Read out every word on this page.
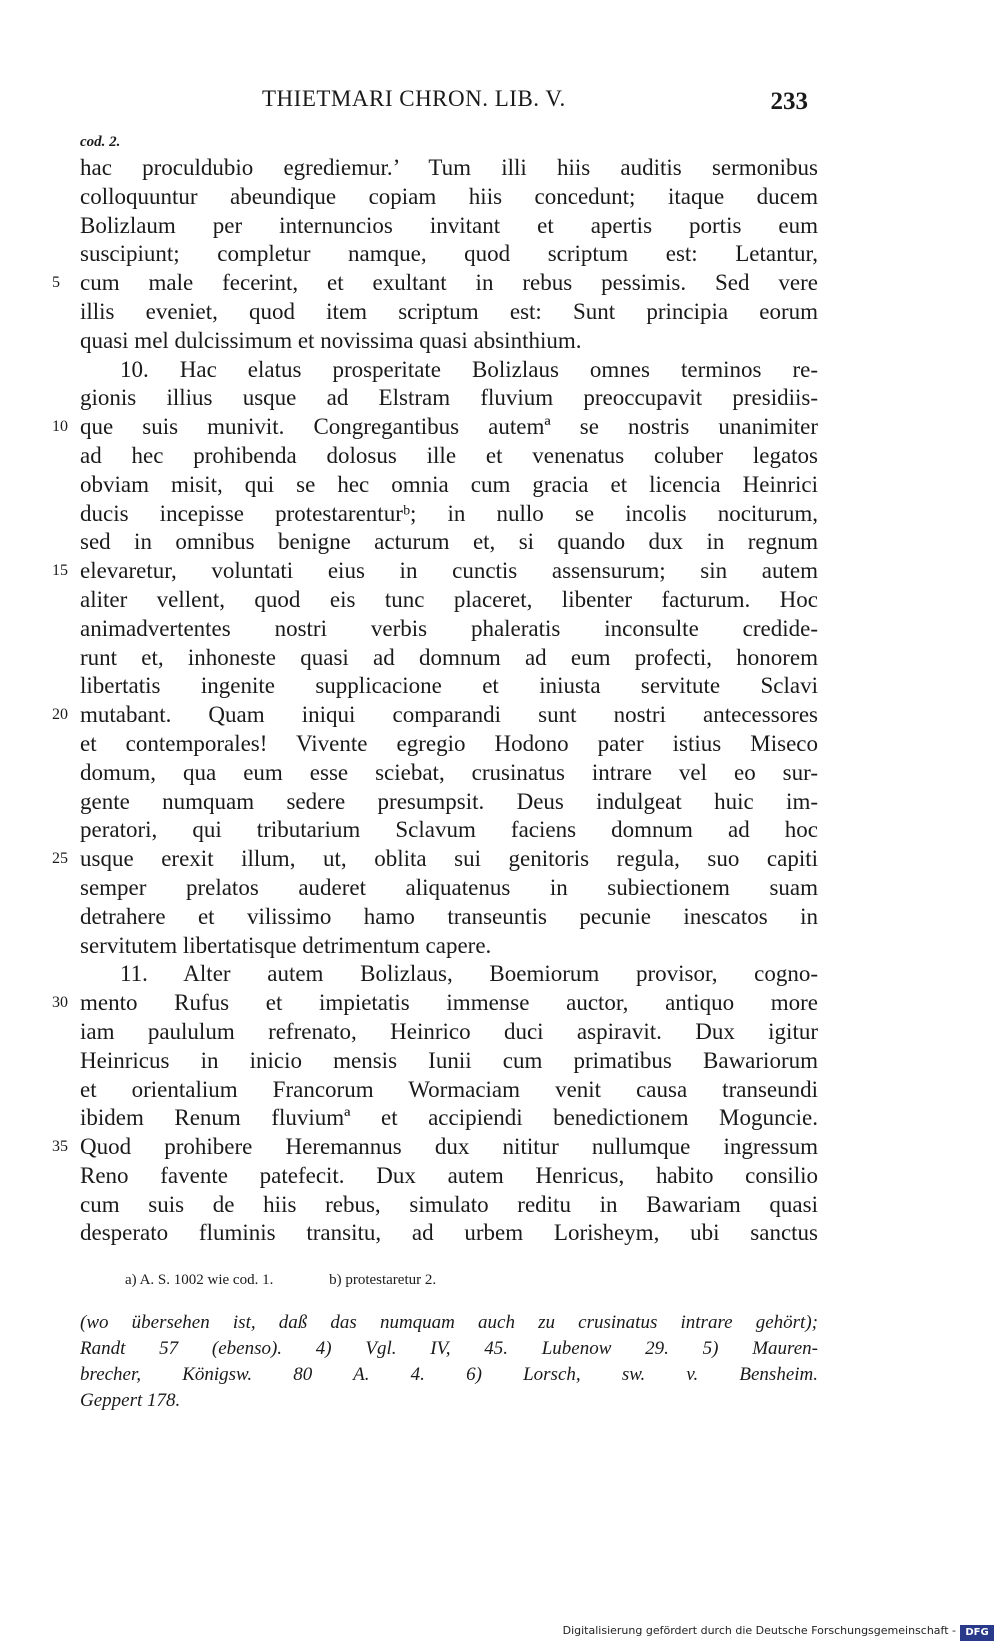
THIETMARI CHRON. LIB. V.	233
cod. 2.
hac proculdubio egrediemur.’ Tum illi hiis auditis sermonibus
colloquuntur abeundique copiam hiis concedunt; itaque ducem
Bolizlaum per internuncios invitant et apertis portis eum
suscipiunt; completur namque, quod scriptum est: Letantur,
5 cum male fecerint, et exultant in rebus pessimis. Sed vere
illis eveniet, quod item scriptum est: Sunt principia eorum
quasi mel dulcissimum et novissima quasi absinthium.
10. Hac elatus prosperitate Bolizlaus omnes terminos re-
gionis illius usque ad Elstram fluvium preoccupavit presidiis-
10 que suis munivit. Congregantibus autemª se nostris unanimiter
ad hec prohibenda dolosus ille et venenatus coluber legatos
obviam misit, qui se hec omnia cum gracia et licencia Heinrici
ducis incepisse protestarenturᵇ; in nullo se incolis nociturum,
sed in omnibus benigne acturum et, si quando dux in regnum
15 elevaretur, voluntati eius in cunctis assensurum; sin autem
aliter vellent, quod eis tunc placeret, libenter facturum. Hoc
animadvertentes nostri verbis phaleratis inconsulte credide-
runt et, inhoneste quasi ad domnum ad eum profecti, honorem
libertatis ingenite supplicacione et iniusta servitute Sclavi
20 mutabant. Quam iniqui comparandi sunt nostri antecessores
et contemporales! Vivente egregio Hodono pater istius Miseco
domum, qua eum esse sciebat, crusinatus intrare vel eo sur-
gente numquam sedere presumpsit. Deus indulgeat huic im-
peratori, qui tributarium Sclavum faciens domnum ad hoc
25 usque erexit illum, ut, oblita sui genitoris regula, suo capiti
semper prelatos auderet aliquatenus in subiectionem suam
detrahere et vilissimo hamo transeuntis pecunie inescatos in
servitutem libertatisque detrimentum capere.
11. Alter autem Bolizlaus, Boemiorum provisor, cogno-
30 mento Rufus et impietatis immense auctor, antiquo more
iam paululum refrenato, Heinrico duci aspiravit. Dux igitur
Heinricus in inicio mensis Iunii cum primatibus Bawariorum
et orientalium Francorum Wormaciam venit causa transeundi
ibidem Renum fluviumª et accipiendi benedictionem Moguncie.
35 Quod prohibere Heremannus dux nititur nullumque ingressum
Reno favente patefecit. Dux autem Henricus, habito consilio
cum suis de hiis rebus, simulato reditu in Bawariam quasi
desperato fluminis transitu, ad urbem Lorisheym, ubi sanctus
a) A. S. 1002 wie cod. 1.	b) protestaretur 2.
(wo übersehen ist, daß das numquam auch zu crusinatus intrare gehört);
Randt 57 (ebenso). 4) Vgl. IV, 45. Lubenow 29. 5) Mauren-
brecher, Königsw. 80 A. 4. 6) Lorsch, sw. v. Bensheim.
Geppert 178.
Digitalisierung gefördert durch die Deutsche Forschungsgemeinschaft - DFG
